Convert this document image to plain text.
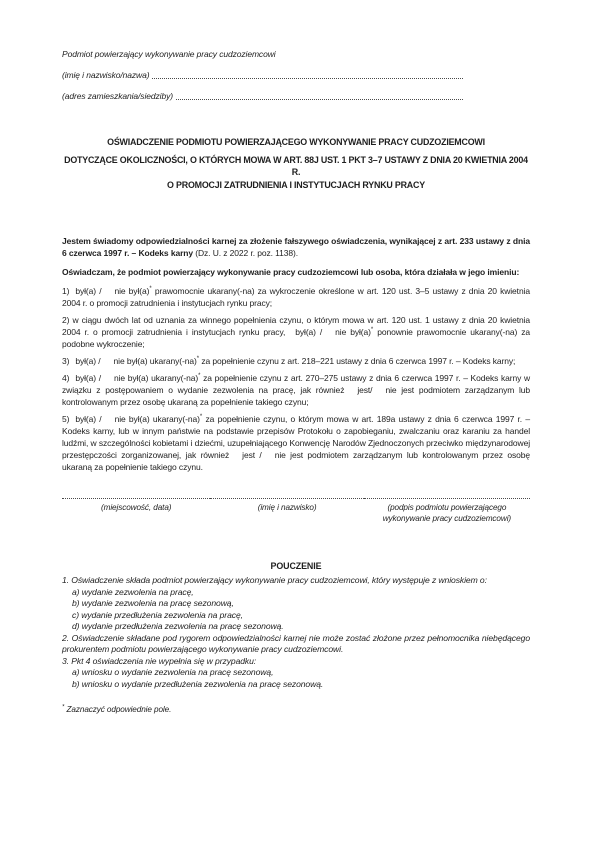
Podmiot powierzający wykonywanie pracy cudzoziemcowi

(imię i nazwisko/nazwa)
(adres zamieszkania/siedziby)
OŚWIADCZENIE PODMIOTU POWIERZAJĄCEGO WYKONYWANIE PRACY CUDZOZIEMCOWI
DOTYCZĄCE OKOLICZNOŚCI, O KTÓRYCH MOWA W ART. 88J UST. 1 PKT 3–7 USTAWY Z DNIA 20 KWIETNIA 2004 R.
O PROMOCJI ZATRUDNIENIA I INSTYTUCJACH RYNKU PRACY

Jestem świadomy odpowiedzialności karnej za złożenie fałszywego oświadczenia, wynikającej z art. 233 ustawy z dnia 6 czerwca 1997 r. – Kodeks karny (Dz. U. z 2022 r. poz. 1138).

Oświadczam, że podmiot powierzający wykonywanie pracy cudzoziemcowi lub osoba, która działała w jego imieniu:

1) był(a) / nie był(a)* prawomocnie ukarany(-na) za wykroczenie określone w art. 120 ust. 3–5 ustawy z dnia 20 kwietnia 2004 r. o promocji zatrudnienia i instytucjach rynku pracy;

2) w ciągu dwóch lat od uznania za winnego popełnienia czynu, o którym mowa w art. 120 ust. 1 ustawy z dnia 20 kwietnia 2004 r. o promocji zatrudnienia i instytucjach rynku pracy, był(a) / nie był(a)* ponownie prawomocnie ukarany(-na) za podobne wykroczenie;

3) był(a) / nie był(a) ukarany(-na)* za popełnienie czynu z art. 218–221 ustawy z dnia 6 czerwca 1997 r. – Kodeks karny;

4) był(a) / nie był(a) ukarany(-na)* za popełnienie czynu z art. 270–275 ustawy z dnia 6 czerwca 1997 r. – Kodeks karny w związku z postępowaniem o wydanie zezwolenia na pracę, jak również jest/ nie jest podmiotem zarządzanym lub kontrolowanym przez osobę ukaraną za popełnienie takiego czynu;

5) był(a) / nie był(a) ukarany(-na)* za popełnienie czynu, o którym mowa w art. 189a ustawy z dnia 6 czerwca 1997 r. – Kodeks karny, lub w innym państwie na podstawie przepisów Protokołu o zapobieganiu, zwalczaniu oraz karaniu za handel ludźmi, w szczególności kobietami i dziećmi, uzupełniającego Konwencję Narodów Zjednoczonych przeciwko międzynarodowej przestępczości zorganizowanej, jak również jest / nie jest podmiotem zarządzanym lub kontrolowanym przez osobę ukaraną za popełnienie takiego czynu.

(miejscowość, data)	(imię i nazwisko)	(podpis podmiotu powierzającego wykonywanie pracy cudzoziemcowi)
POUCZENIE
1. Oświadczenie składa podmiot powierzający wykonywanie pracy cudzoziemcowi, który występuje z wnioskiem o:
a) wydanie zezwolenia na pracę,
b) wydanie zezwolenia na pracę sezonową,
c) wydanie przedłużenia zezwolenia na pracę,
d) wydanie przedłużenia zezwolenia na pracę sezonową.
2. Oświadczenie składane pod rygorem odpowiedzialności karnej nie może zostać złożone przez pełnomocnika niebędącego prokurentem podmiotu powierzającego wykonywanie pracy cudzoziemcowi.
3. Pkt 4 oświadczenia nie wypełnia się w przypadku:
a) wniosku o wydanie zezwolenia na pracę sezonową,
b) wniosku o wydanie przedłużenia zezwolenia na pracę sezonową.
* Zaznaczyć odpowiednie pole.
